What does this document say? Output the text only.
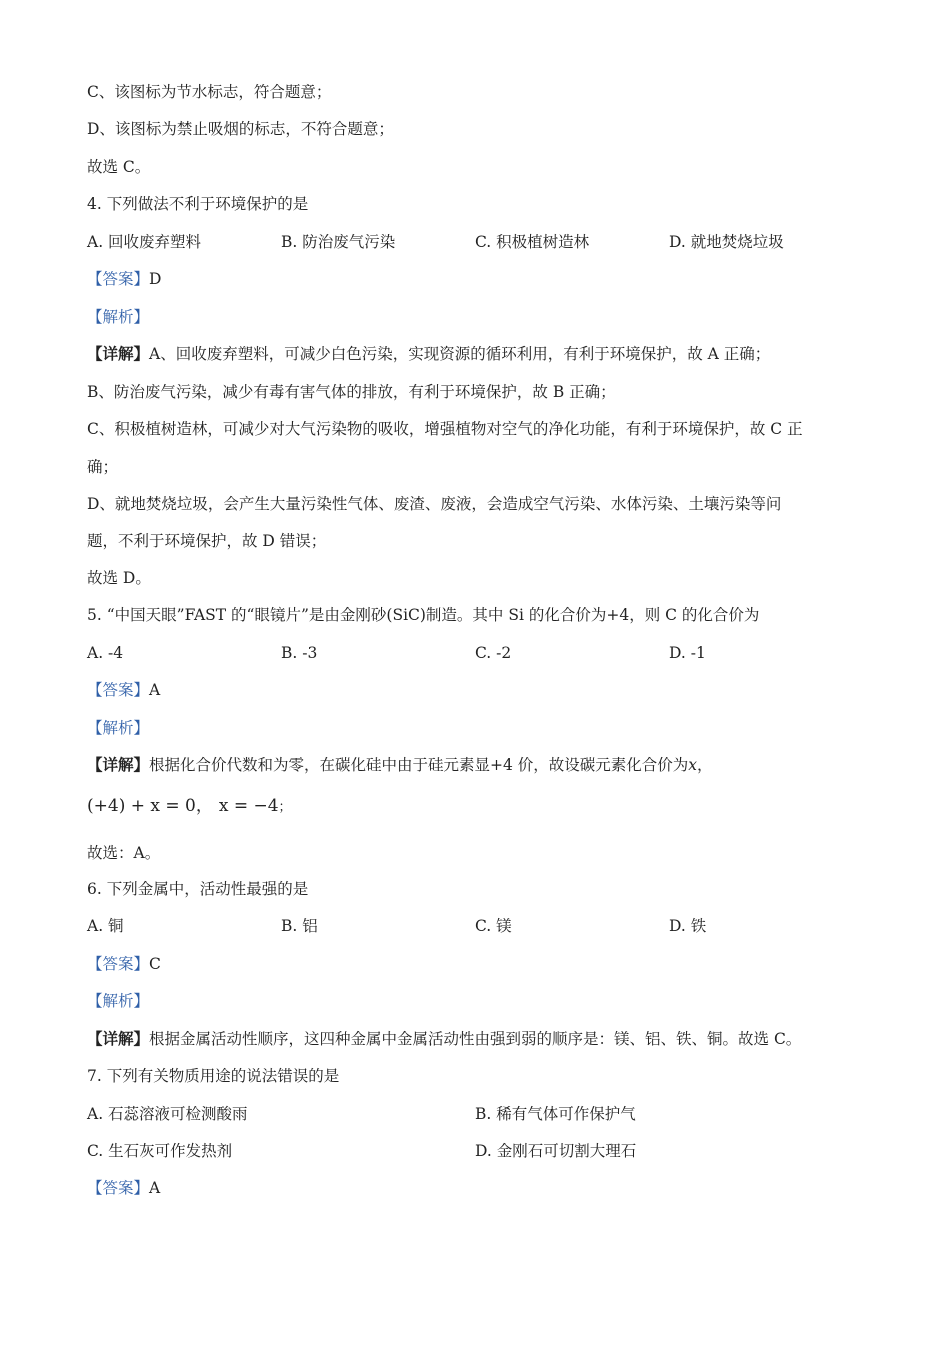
C、该图标为节水标志，符合题意；
D、该图标为禁止吸烟的标志，不符合题意；
故选 C。
4. 下列做法不利于环境保护的是
A. 回收废弃塑料	B. 防治废气污染	C. 积极植树造林	D. 就地焚烧垃圾
【答案】D
【解析】
【详解】A、回收废弃塑料，可减少白色污染，实现资源的循环利用，有利于环境保护，故 A 正确；
B、防治废气污染，减少有毒有害气体的排放，有利于环境保护，故 B 正确；
C、积极植树造林，可减少对大气污染物的吸收，增强植物对空气的净化功能，有利于环境保护，故 C 正
确；
D、就地焚烧垃圾，会产生大量污染性气体、废渣、废液，会造成空气污染、水体污染、土壤污染等问
题，不利于环境保护，故 D 错误；
故选 D。
5. “中国天眼”FAST 的“眼镜片”是由金刚砂(SiC)制造。其中 Si 的化合价为+4，则 C 的化合价为
A. -4	B. -3	C. -2	D. -1
【答案】A
【解析】
【详解】根据化合价代数和为零，在碳化硅中由于硅元素显+4 价，故设碳元素化合价为x，
(+4) + x = 0， x = −4；
故选：A。
6. 下列金属中，活动性最强的是
A. 铜	B. 铝	C. 镁	D. 铁
【答案】C
【解析】
【详解】根据金属活动性顺序，这四种金属中金属活动性由强到弱的顺序是：镁、铝、铁、铜。故选 C。
7. 下列有关物质用途的说法错误的是
A. 石蕊溶液可检测酸雨	B. 稀有气体可作保护气
C. 生石灰可作发热剂	D. 金刚石可切割大理石
【答案】A
